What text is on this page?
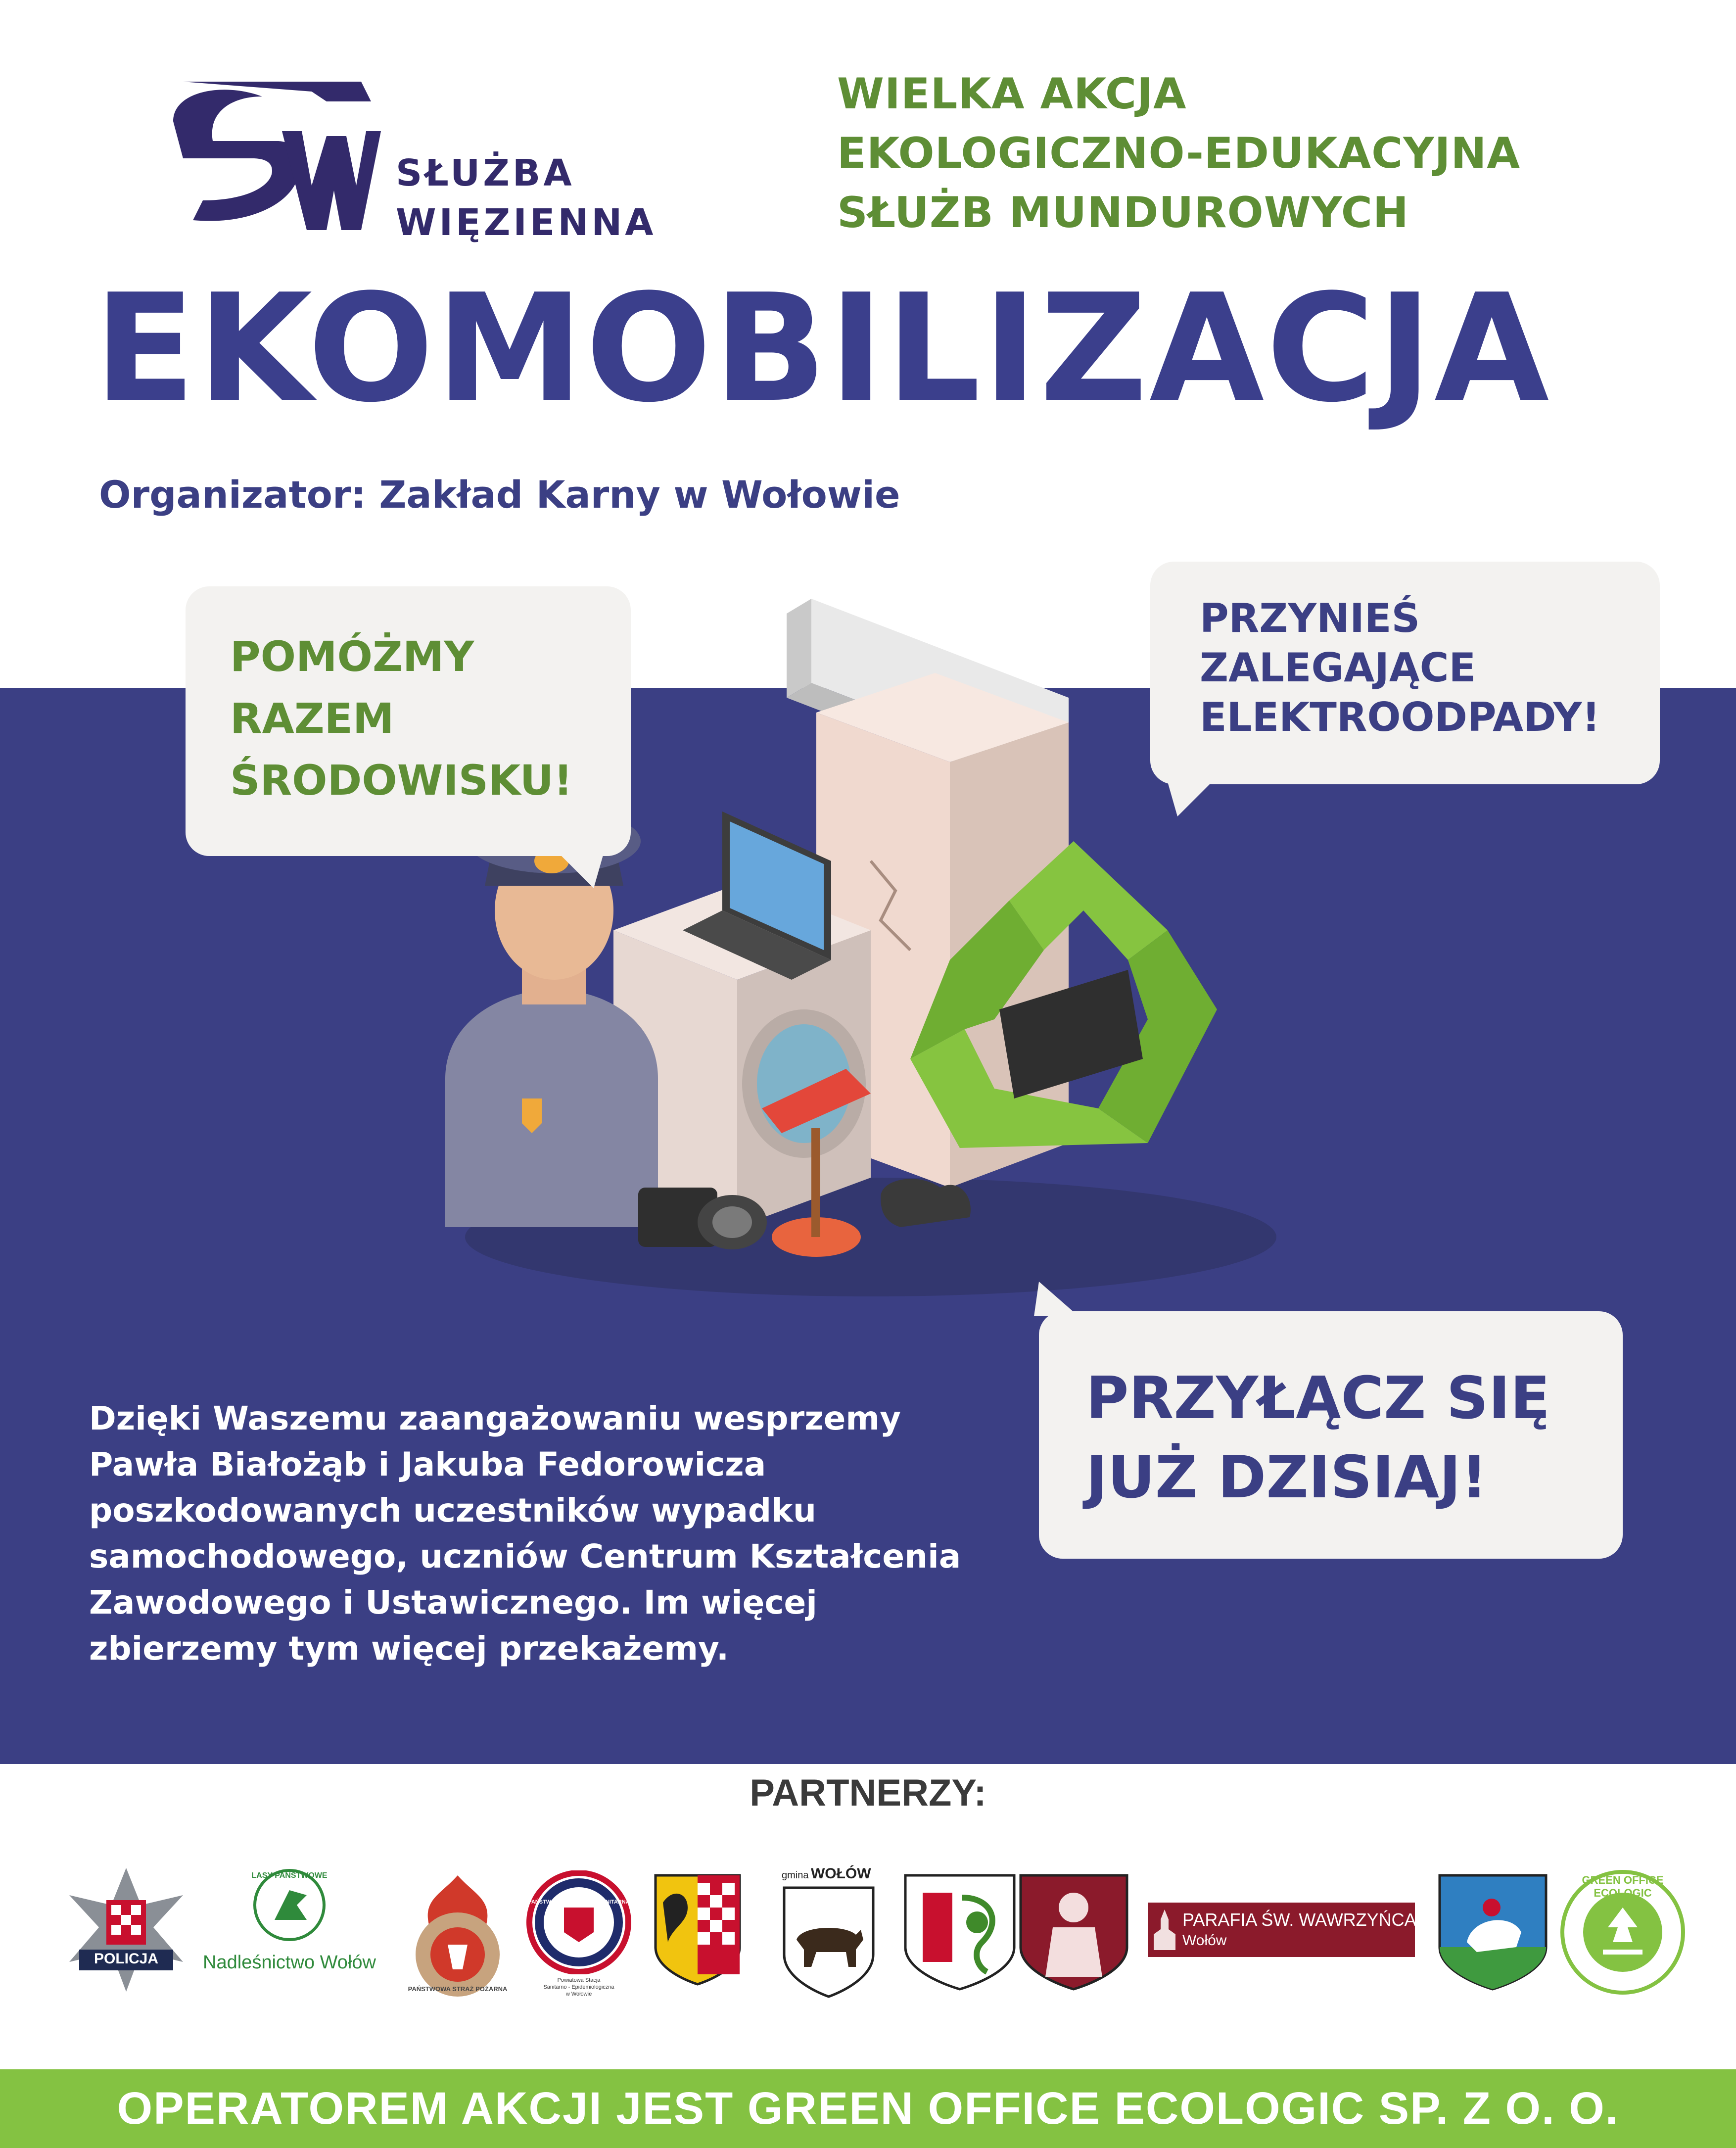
SŁUŻBA
WIĘZIENNA
WIELKA AKCJA
EKOLOGICZNO-EDUKACYJNA
SŁUŻB MUNDUROWYCH
EKOMOBILIZACJA
Organizator: Zakład Karny w Wołowie
POMÓŻMY
RAZEM
ŚRODOWISKU!
PRZYNIEŚ
ZALEGAJĄCE
ELEKTROODPADY!
PRZYŁĄCZ SIĘ
JUŻ DZISIAJ!
Dzięki Waszemu zaangażowaniu wesprzemy
Pawła Białożąb i Jakuba Fedorowicza
poszkodowanych uczestników wypadku
samochodowego, uczniów Centrum Kształcenia
Zawodowego i Ustawicznego. Im więcej
zbierzemy tym więcej przekażemy.
PARTNERZY:
POLICJA
LASY PAŃSTWOWE
Nadleśnictwo Wołów
PAŃSTWOWA STRAŻ POŻARNA
PAŃSTWOWA INSPEKCJA SANITARNA
Powiatowa Stacja
Sanitarno - Epidemiologiczna
w Wołowie
gmina WOŁÓW
PARAFIA ŚW. WAWRZYŃCA
Wołów
GREEN OFFICE ECOLOGIC
OPERATOREM AKCJI JEST GREEN OFFICE ECOLOGIC SP. Z O. O.
